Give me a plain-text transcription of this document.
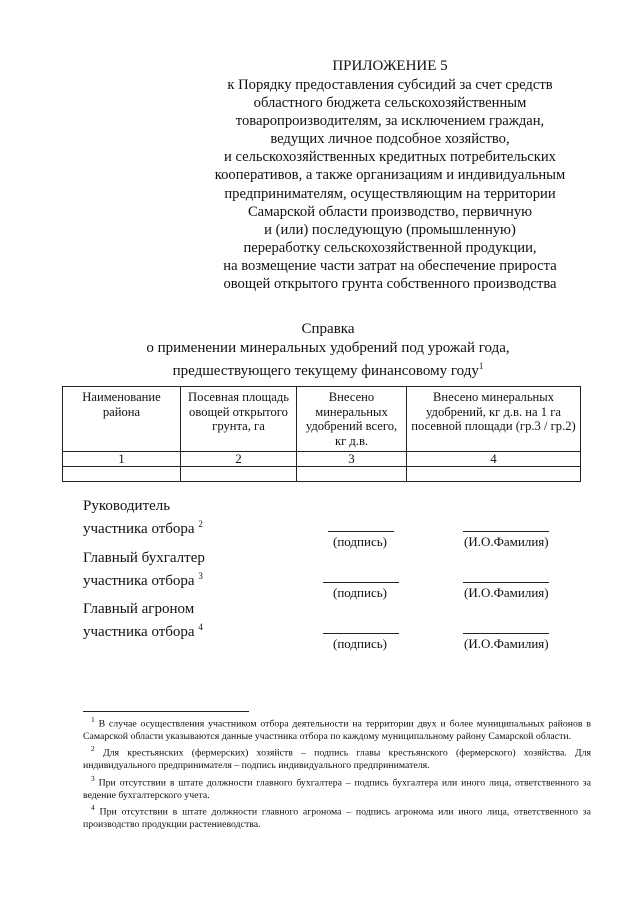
ПРИЛОЖЕНИЕ 5
к Порядку предоставления субсидий за счет средств
областного бюджета сельскохозяйственным
товаропроизводителям, за исключением граждан,
ведущих личное подсобное хозяйство,
и сельскохозяйственных кредитных потребительских
кооперативов, а также организациям и индивидуальным
предпринимателям, осуществляющим на территории
Самарской области производство, первичную
и (или) последующую (промышленную)
переработку сельскохозяйственной продукции,
на возмещение части затрат на обеспечение прироста
овощей открытого грунта собственного производства
Справка
о применении минеральных удобрений под урожай года,
предшествующего текущему финансовому году$^1$
Наименование района	Посевная площадь овощей открытого грунта, га	Внесено минеральных удобрений всего, кг д.в.	Внесено минеральных удобрений, кг д.в. на 1 га посевной площади (гр.3 / гр.2)
1	2	3	4

Руководитель
участника отбора $^2$
(подпись)	(И.О.Фамилия)
Главный бухгалтер
участника отбора $^3$
(подпись)	(И.О.Фамилия)
Главный агроном
участника отбора $^4$
(подпись)	(И.О.Фамилия)
$^1$ В случае осуществления участником отбора деятельности на территории двух и более муниципальных районов в Самарской области указываются данные участника отбора по каждому муниципальному району Самарской области.
$^2$ Для крестьянских (фермерских) хозяйств – подпись главы крестьянского (фермерского) хозяйства. Для индивидуального предпринимателя – подпись индивидуального предпринимателя.
$^3$ При отсутствии в штате должности главного бухгалтера – подпись бухгалтера или иного лица, ответственного за ведение бухгалтерского учета.
$^4$ При отсутствии в штате должности главного агронома – подпись агронома или иного лица, ответственного за производство продукции растениеводства.
